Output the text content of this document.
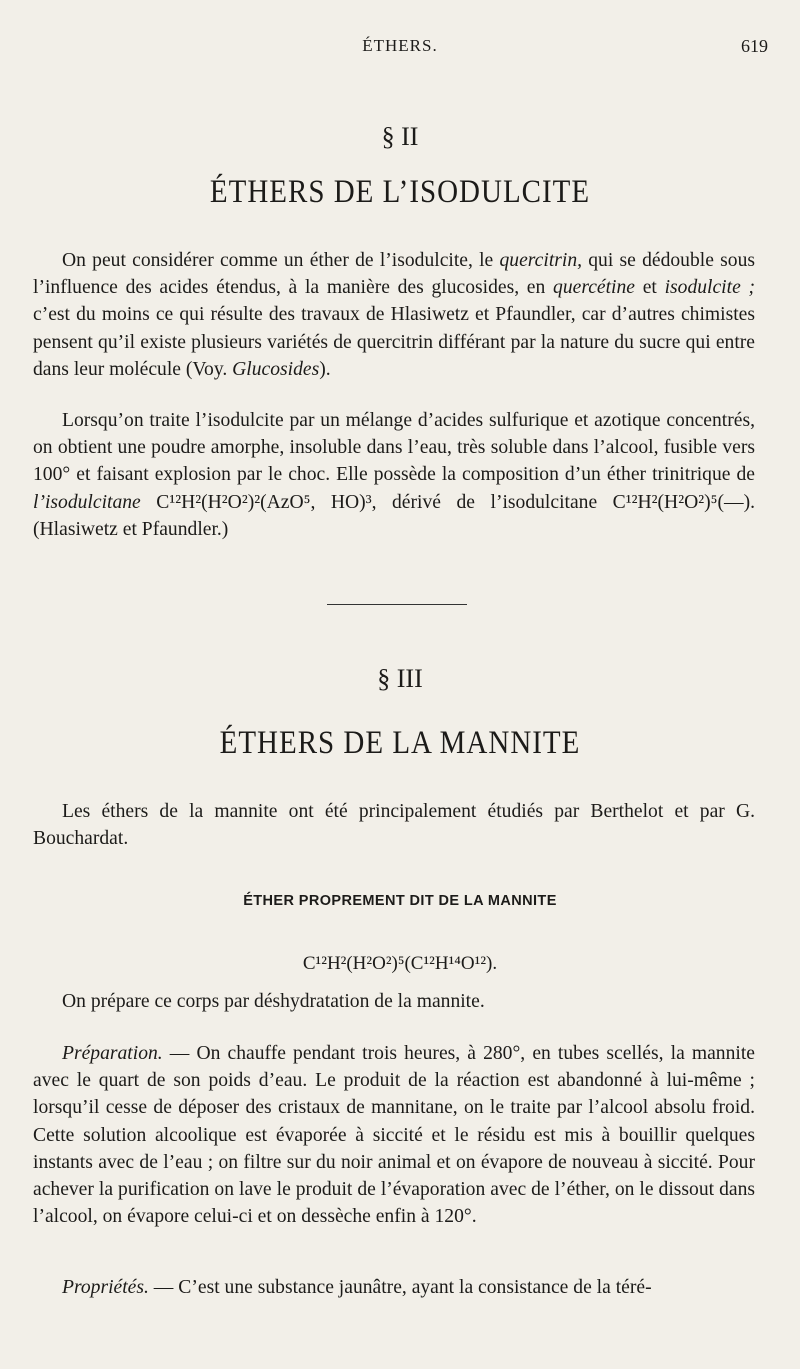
ÉTHERS.	619
§ II
ÉTHERS DE L’ISODULCITE

On peut considérer comme un éther de l’isodulcite, le quercitrin, qui se dédouble sous l’influence des acides étendus, à la manière des glucosides, en quercétine et isodulcite ; c’est du moins ce qui résulte des travaux de Hlasiwetz et Pfaundler, car d’autres chimistes pensent qu’il existe plusieurs variétés de quercitrin différant par la nature du sucre qui entre dans leur molécule (Voy. Glucosides).

Lorsqu’on traite l’isodulcite par un mélange d’acides sulfurique et azotique concentrés, on obtient une poudre amorphe, insoluble dans l’eau, très soluble dans l’alcool, fusible vers 100° et faisant explosion par le choc. Elle possède la composition d’un éther trinitrique de l’isodulcitane C¹²H²(H²O²)²(AzO⁵, HO)³, dérivé de l’isodulcitane C¹²H²(H²O²)⁵(—). (Hlasiwetz et Pfaundler.)

§ III
ÉTHERS DE LA MANNITE

Les éthers de la mannite ont été principalement étudiés par Berthelot et par G. Bouchardat.

ÉTHER PROPREMENT DIT DE LA MANNITE
C¹²H²(H²O²)⁵(C¹²H¹⁴O¹²).

On prépare ce corps par déshydratation de la mannite.

Préparation. — On chauffe pendant trois heures, à 280°, en tubes scellés, la mannite avec le quart de son poids d’eau. Le produit de la réaction est abandonné à lui-même ; lorsqu’il cesse de déposer des cristaux de mannitane, on le traite par l’alcool absolu froid. Cette solution alcoolique est évaporée à siccité et le résidu est mis à bouillir quelques instants avec de l’eau ; on filtre sur du noir animal et on évapore de nouveau à siccité. Pour achever la purification on lave le produit de l’évaporation avec de l’éther, on le dissout dans l’alcool, on évapore celui-ci et on dessèche enfin à 120°.

Propriétés. — C’est une substance jaunâtre, ayant la consistance de la téré-
